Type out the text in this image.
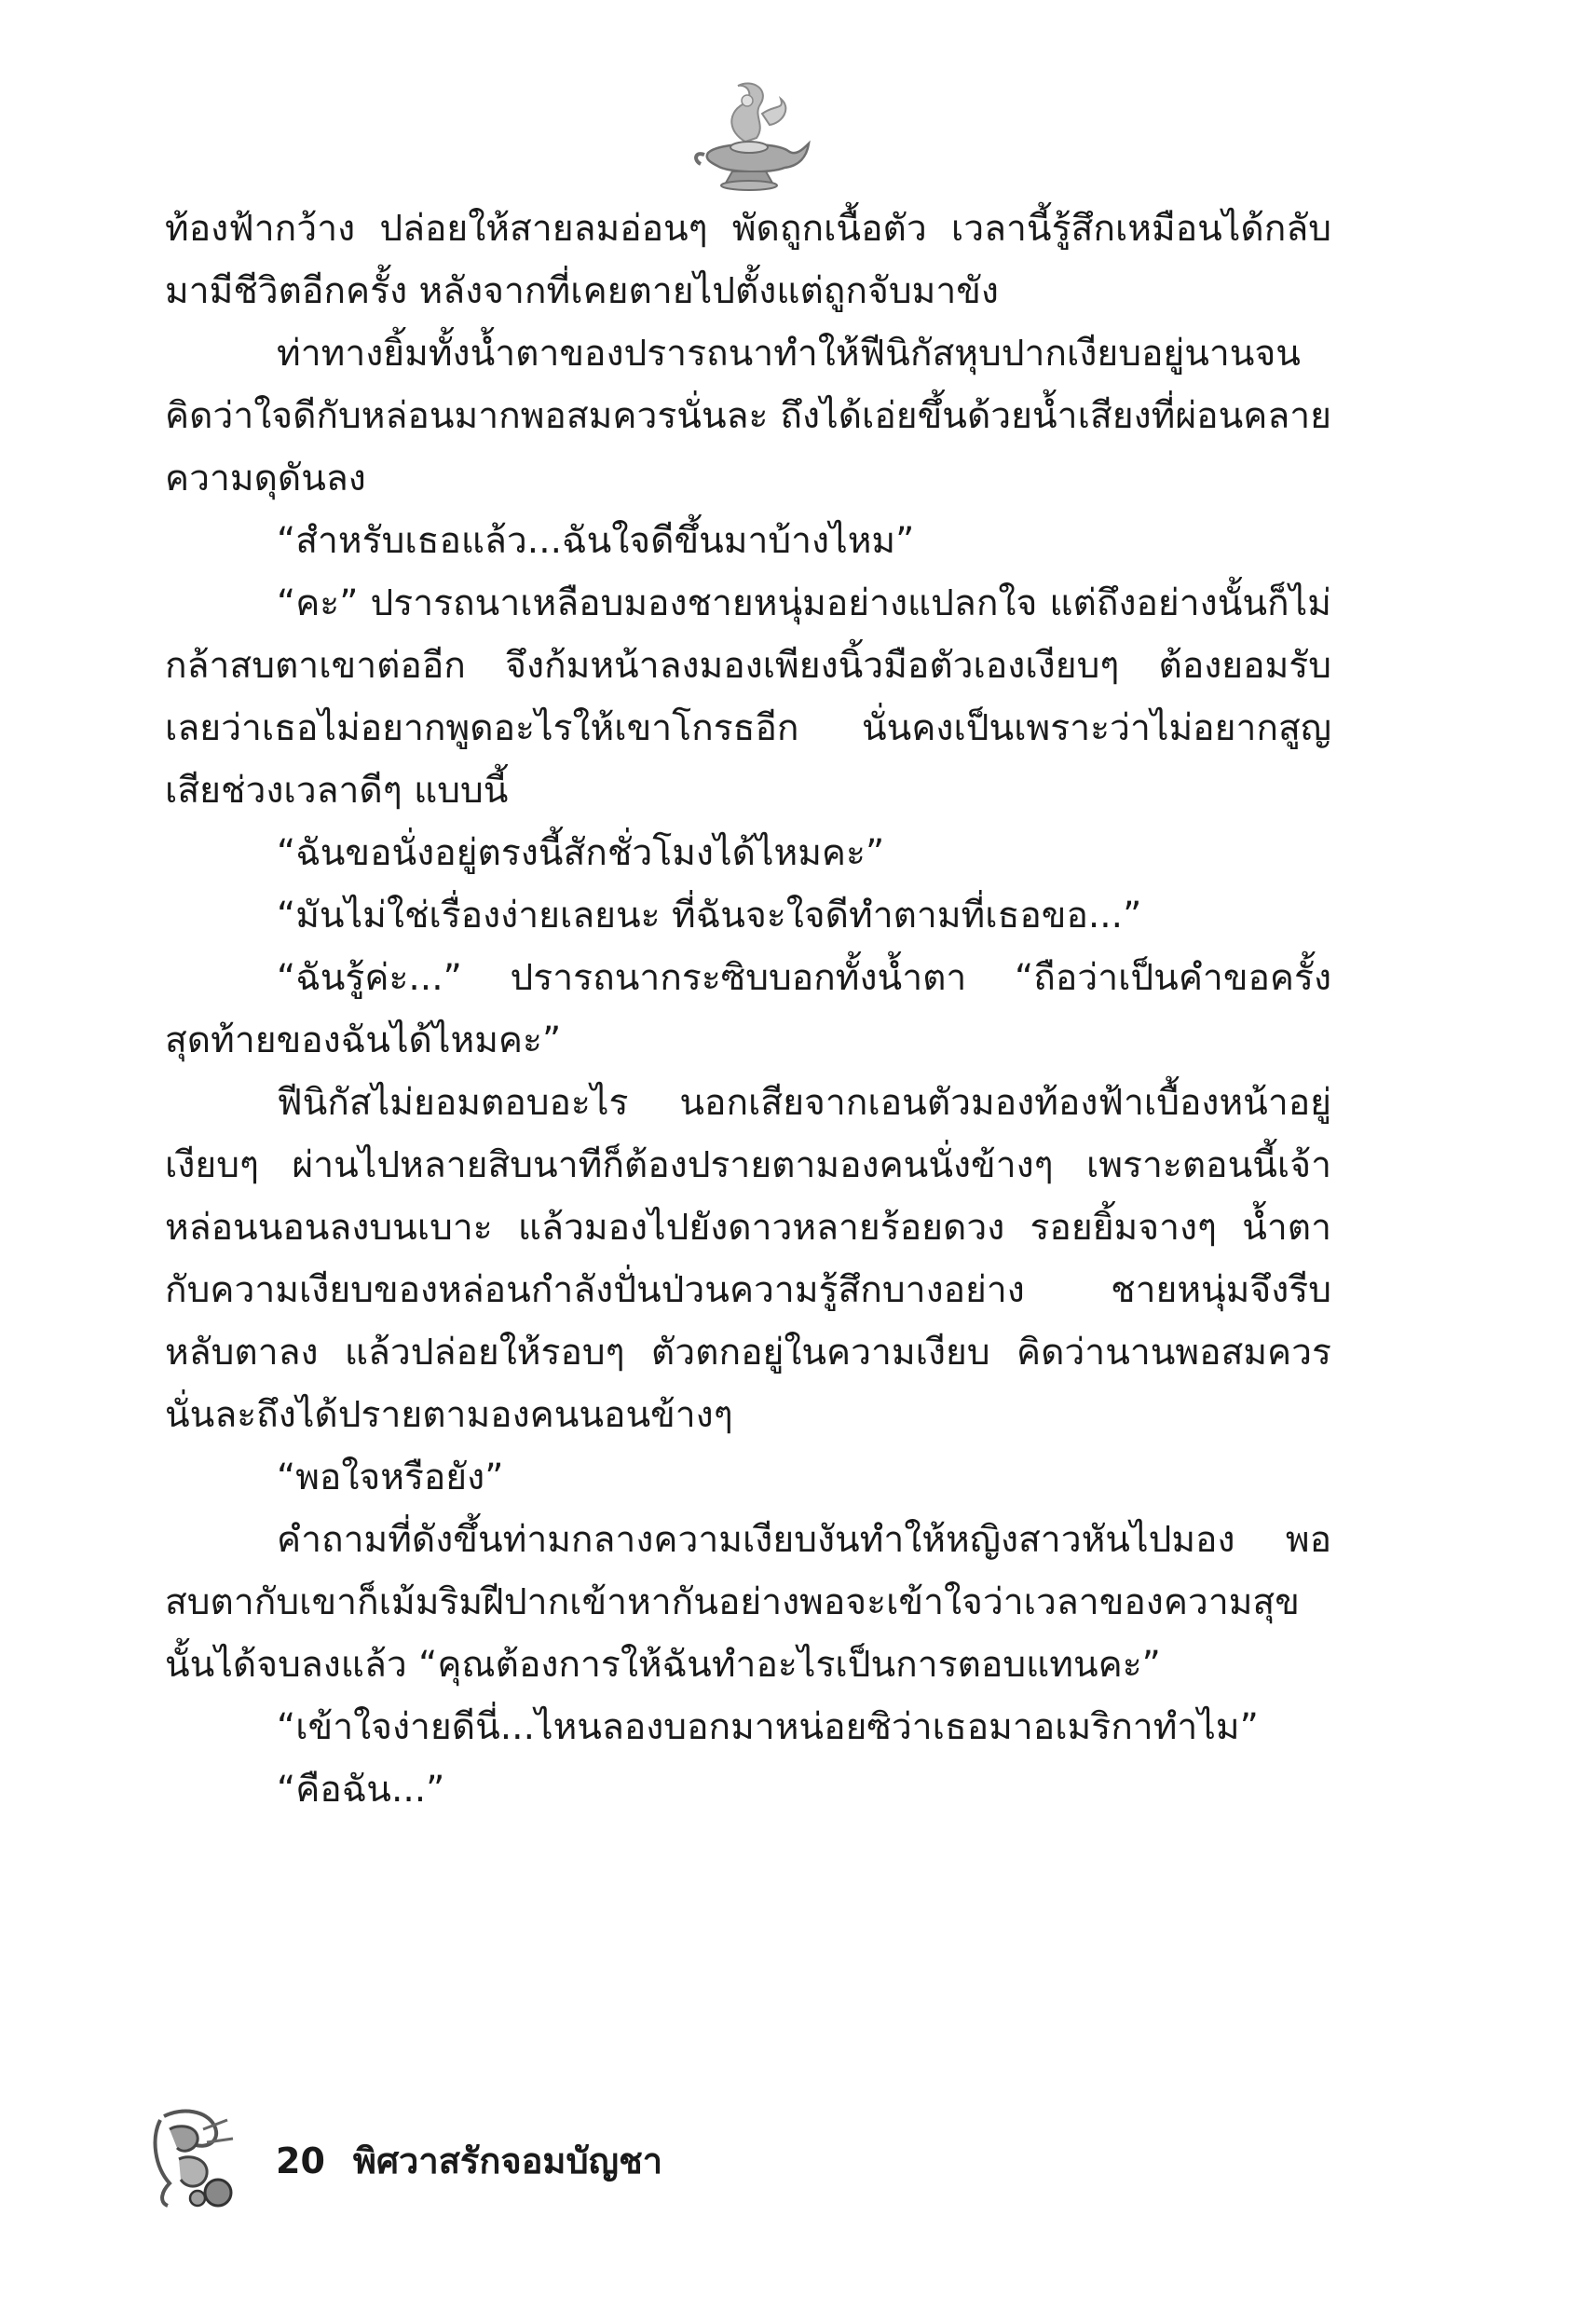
ท้องฟ้ากว้าง ปล่อยให้สายลมอ่อนๆ พัดถูกเนื้อตัว เวลานี้รู้สึกเหมือนได้กลับมามีชีวิตอีกครั้ง หลังจากที่เคยตายไปตั้งแต่ถูกจับมาขัง

ท่าทางยิ้มทั้งน้ำตาของปรารถนาทำให้ฟีนิกัสหุบปากเงียบอยู่นานจนคิดว่าใจดีกับหล่อนมากพอสมควรนั่นละ ถึงได้เอ่ยขึ้นด้วยน้ำเสียงที่ผ่อนคลายความดุดันลง

“สำหรับเธอแล้ว...ฉันใจดีขึ้นมาบ้างไหม”

“คะ” ปรารถนาเหลือบมองชายหนุ่มอย่างแปลกใจ แต่ถึงอย่างนั้นก็ไม่กล้าสบตาเขาต่ออีก จึงก้มหน้าลงมองเพียงนิ้วมือตัวเองเงียบๆ ต้องยอมรับเลยว่าเธอไม่อยากพูดอะไรให้เขาโกรธอีก นั่นคงเป็นเพราะว่าไม่อยากสูญเสียช่วงเวลาดีๆ แบบนี้

“ฉันขอนั่งอยู่ตรงนี้สักชั่วโมงได้ไหมคะ”

“มันไม่ใช่เรื่องง่ายเลยนะ ที่ฉันจะใจดีทำตามที่เธอขอ...”

“ฉันรู้ค่ะ...” ปรารถนากระซิบบอกทั้งน้ำตา “ถือว่าเป็นคำขอครั้งสุดท้ายของฉันได้ไหมคะ”

ฟีนิกัสไม่ยอมตอบอะไร นอกเสียจากเอนตัวมองท้องฟ้าเบื้องหน้าอยู่เงียบๆ ผ่านไปหลายสิบนาทีก็ต้องปรายตามองคนนั่งข้างๆ เพราะตอนนี้เจ้าหล่อนนอนลงบนเบาะ แล้วมองไปยังดาวหลายร้อยดวง รอยยิ้มจางๆ น้ำตากับความเงียบของหล่อนกำลังปั่นป่วนความรู้สึกบางอย่าง ชายหนุ่มจึงรีบหลับตาลง แล้วปล่อยให้รอบๆ ตัวตกอยู่ในความเงียบ คิดว่านานพอสมควรนั่นละถึงได้ปรายตามองคนนอนข้างๆ

“พอใจหรือยัง”

คำถามที่ดังขึ้นท่ามกลางความเงียบงันทำให้หญิงสาวหันไปมอง พอสบตากับเขาก็เม้มริมฝีปากเข้าหากันอย่างพอจะเข้าใจว่าเวลาของความสุขนั้นได้จบลงแล้ว “คุณต้องการให้ฉันทำอะไรเป็นการตอบแทนคะ”

“เข้าใจง่ายดีนี่...ไหนลองบอกมาหน่อยซิว่าเธอมาอเมริกาทำไม”

“คือฉัน...”

20 พิศวาสรักจอมบัญชา
